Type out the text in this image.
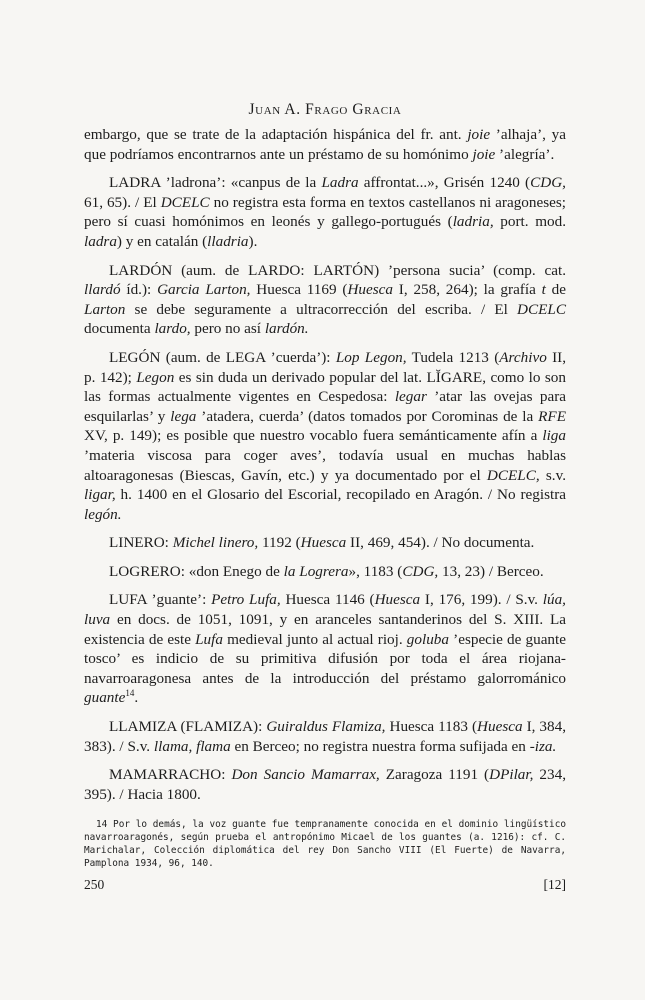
Juan A. Frago Gracia

embargo, que se trate de la adaptación hispánica del fr. ant. joie ’alhaja’, ya que podríamos encontrarnos ante un préstamo de su homónimo joie ’alegría’.

LADRA ’ladrona’: «canpus de la Ladra affrontat...», Grisén 1240 (CDG, 61, 65). / El DCELC no registra esta forma en textos castellanos ni aragoneses; pero sí cuasi homónimos en leonés y gallego-portugués (ladria, port. mod. ladra) y en catalán (lladria).

LARDÓN (aum. de LARDO: LARTÓN) ’persona sucia’ (comp. cat. llardó íd.): Garcia Larton, Huesca 1169 (Huesca I, 258, 264); la grafía t de Larton se debe seguramente a ultracorrección del escriba. / El DCELC documenta lardo, pero no así lardón.

LEGÓN (aum. de LEGA ’cuerda’): Lop Legon, Tudela 1213 (Archivo II, p. 142); Legon es sin duda un derivado popular del lat. LĬGARE, como lo son las formas actualmente vigentes en Cespedosa: legar ’atar las ovejas para esquilarlas’ y lega ’atadera, cuerda’ (datos tomados por Corominas de la RFE XV, p. 149); es posible que nuestro vocablo fuera semánticamente afín a liga ’materia viscosa para coger aves’, todavía usual en muchas hablas altoaragonesas (Biescas, Gavín, etc.) y ya documentado por el DCELC, s.v. ligar, h. 1400 en el Glosario del Escorial, recopilado en Aragón. / No registra legón.

LINERO: Michel linero, 1192 (Huesca II, 469, 454). / No documenta.

LOGRERO: «don Enego de la Logrera», 1183 (CDG, 13, 23) / Berceo.

LUFA ’guante’: Petro Lufa, Huesca 1146 (Huesca I, 176, 199). / S.v. lúa, luva en docs. de 1051, 1091, y en aranceles santanderinos del S. XIII. La existencia de este Lufa medieval junto al actual rioj. goluba ’especie de guante tosco’ es indicio de su primitiva difusión por toda el área riojana-navarroaragonesa antes de la introducción del préstamo galorrománico guante$^{14}$.

LLAMIZA (FLAMIZA): Guiraldus Flamiza, Huesca 1183 (Huesca I, 384, 383). / S.v. llama, flama en Berceo; no registra nuestra forma sufijada en -iza.

MAMARRACHO: Don Sancio Mamarrax, Zaragoza 1191 (DPilar, 234, 395). / Hacia 1800.

14 Por lo demás, la voz guante fue tempranamente conocida en el dominio lingüístico navarroaragonés, según prueba el antropónimo Micael de los guantes (a. 1216): cf. C. Marichalar, Colección diplomática del rey Don Sancho VIII (El Fuerte) de Navarra, Pamplona 1934, 96, 140.

250	[12]
